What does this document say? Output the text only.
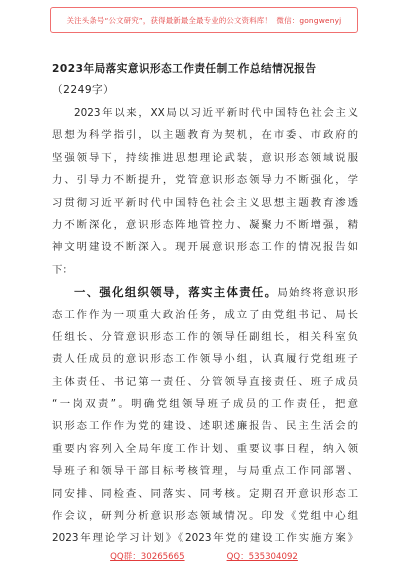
关注头条号“公文研究”，获得最新最全最专业的公文资料库！
微信：gongwenyj
2023年局落实意识形态工作责任制工作总结情况报告
（2249字）
2023年以来，XX局以习近平新时代中国特色社会主义
思想为科学指引，以主题教育为契机，在市委、市政府的
坚强领导下，持续推进思想理论武装，意识形态领域说服
力、引导力不断提升，党管意识形态领导力不断强化，学
习贯彻习近平新时代中国特色社会主义思想主题教育渗透
力不断深化，意识形态阵地管控力、凝聚力不断增强，精
神文明建设不断深入。现开展意识形态工作的情况报告如
下：
一、强化组织领导，落实主体责任。局始终将意识形
态工作作为一项重大政治任务，成立了由党组书记、局长
任组长、分管意识形态工作的领导任副组长，相关科室负
责人任成员的意识形态工作领导小组，认真履行党组班子
主体责任、书记第一责任、分管领导直接责任、班子成员
“一岗双责”。明确党组领导班子成员的工作责任，把意
识形态工作作为党的建设、述职述廉报告、民主生活会的
重要内容列入全局年度工作计划、重要议事日程，纳入领
导班子和领导干部目标考核管理，与局重点工作同部署、
同安排、同检查、同落实、同考核。定期召开意识形态工
作会议，研判分析意识形态领域情况。印发《党组中心组
2023年理论学习计划》《2023年党的建设工作实施方案》
QQ群：30265665	QQ：535304092
